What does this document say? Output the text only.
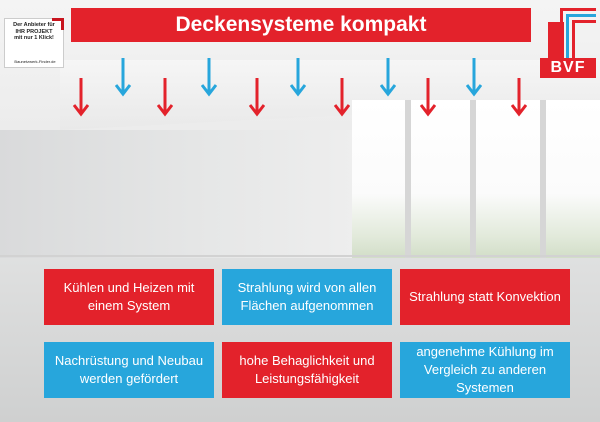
Der Anbieter für
IHR PROJEKT
mit nur 1 Klick!
Baunetzwerk-Finder.de
Deckensysteme kompakt
BVF
Kühlen und Heizen mit einem System
Strahlung wird von allen Flächen aufgenommen
Strahlung statt Konvektion
Nachrüstung und Neubau werden gefördert
hohe Behaglichkeit und Leistungsfähigkeit
angenehme Kühlung im Vergleich zu anderen Systemen
